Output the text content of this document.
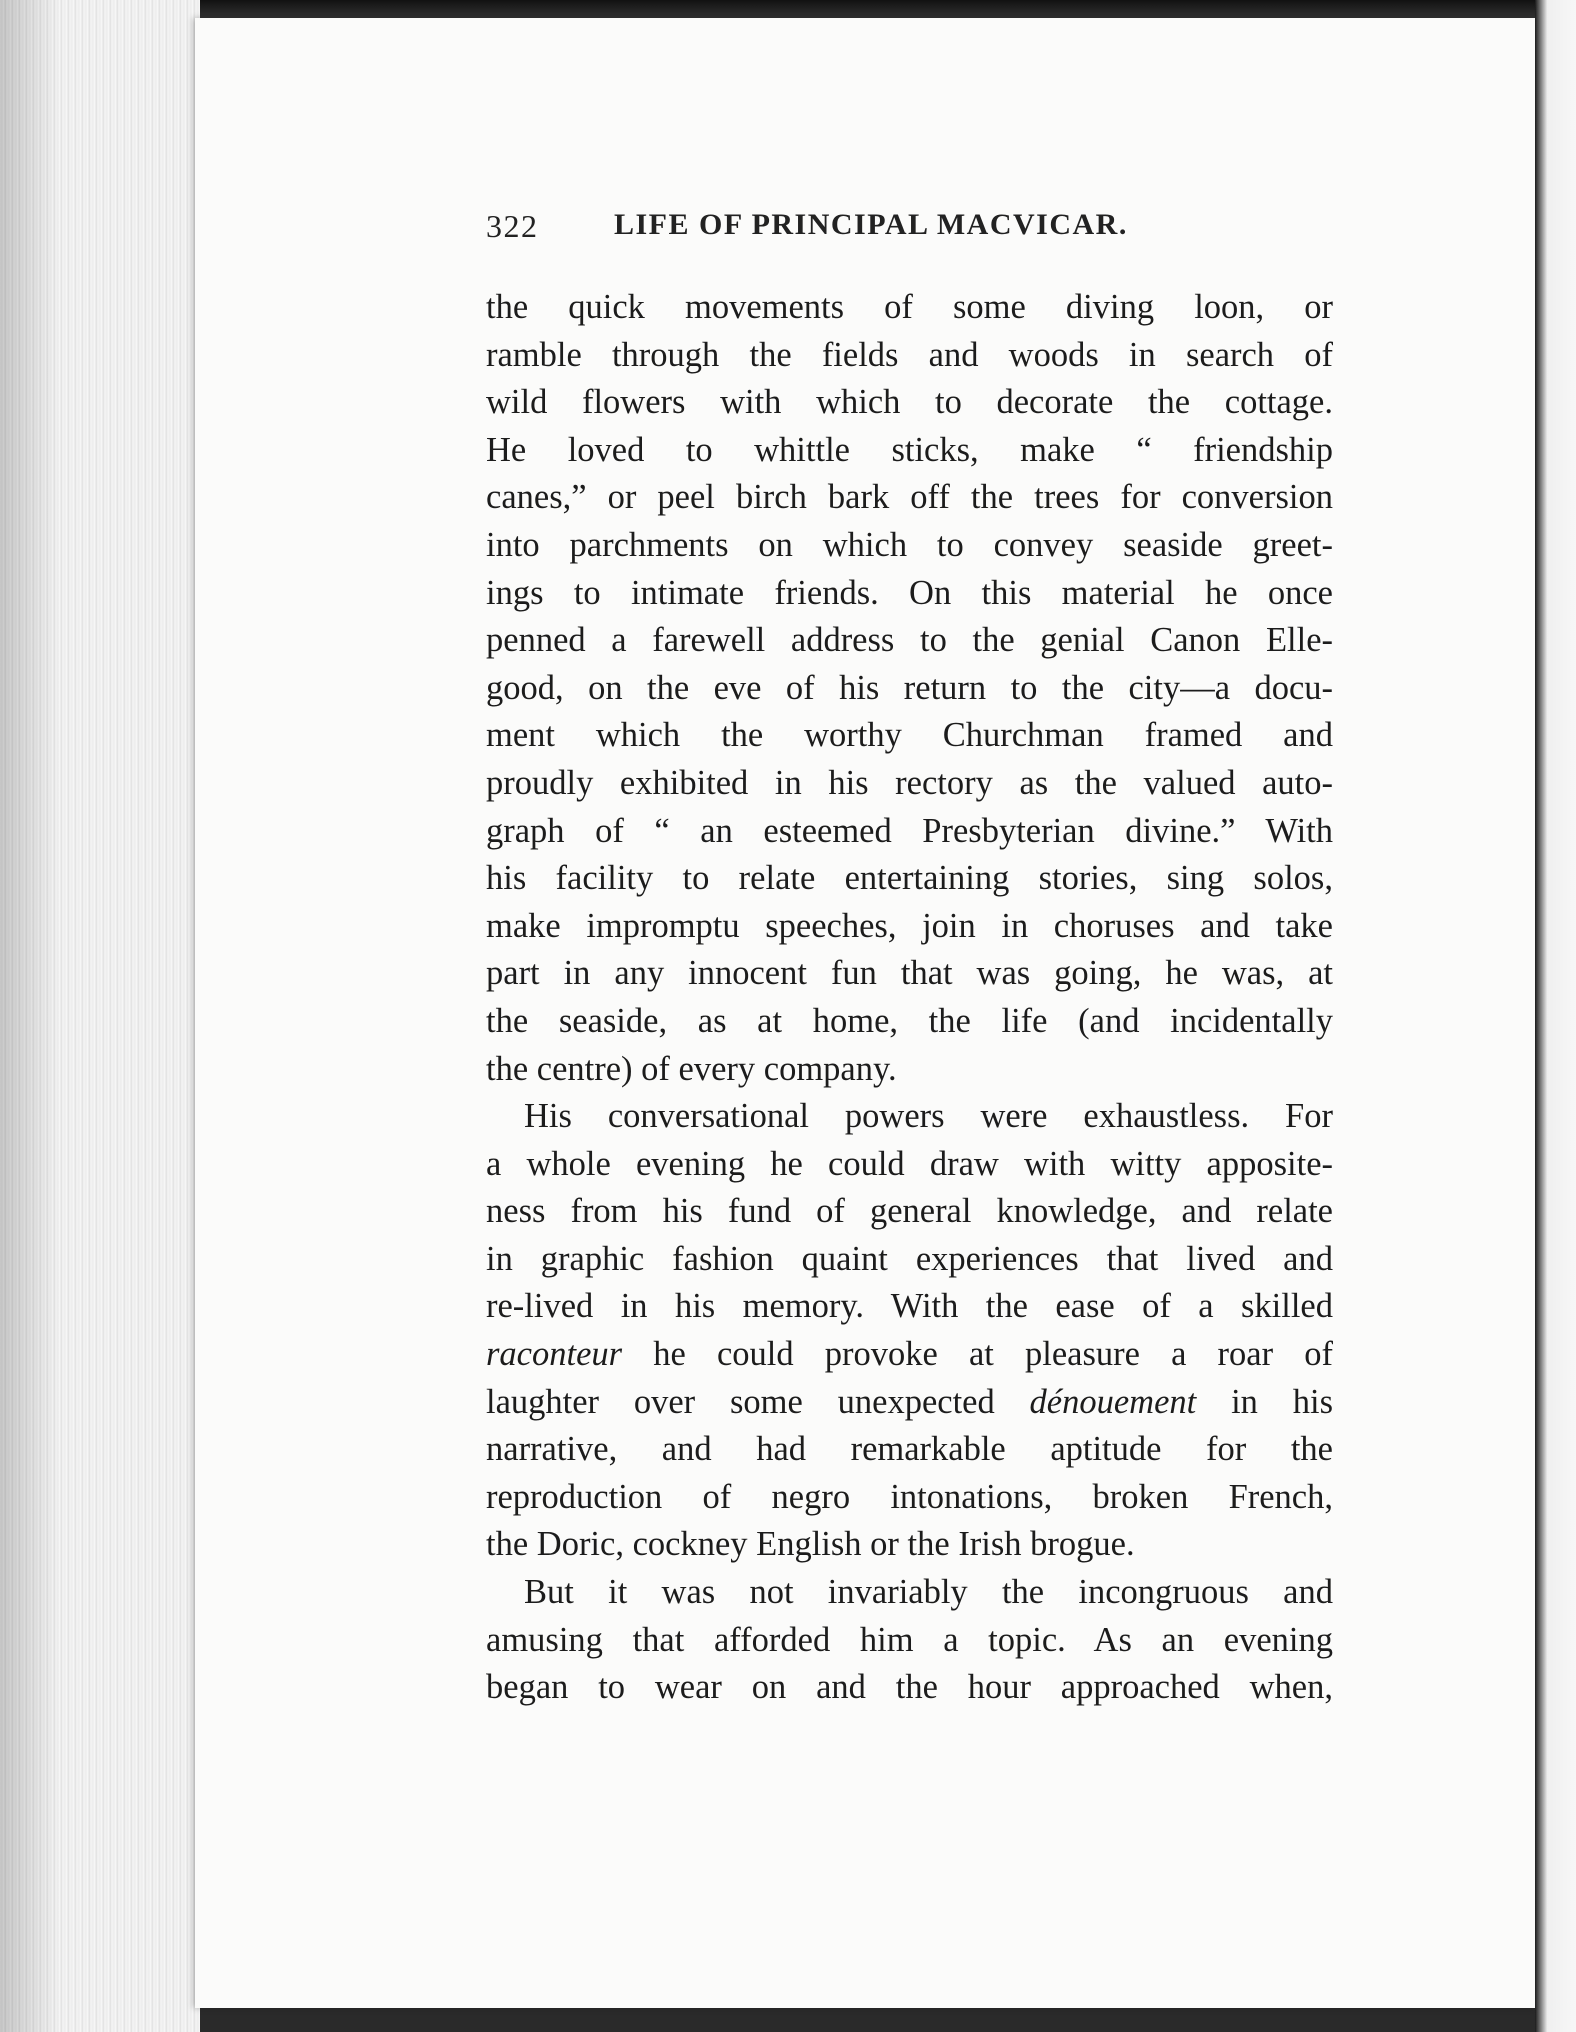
322	LIFE OF PRINCIPAL MACVICAR.
the quick movements of some diving loon, or
ramble through the fields and woods in search of
wild flowers with which to decorate the cottage.
He loved to whittle sticks, make “ friendship
canes,” or peel birch bark off the trees for conversion
into parchments on which to convey seaside greet-
ings to intimate friends. On this material he once
penned a farewell address to the genial Canon Elle-
good, on the eve of his return to the city—a docu-
ment which the worthy Churchman framed and
proudly exhibited in his rectory as the valued auto-
graph of “ an esteemed Presbyterian divine.” With
his facility to relate entertaining stories, sing solos,
make impromptu speeches, join in choruses and take
part in any innocent fun that was going, he was, at
the seaside, as at home, the life (and incidentally
the centre) of every company.
His conversational powers were exhaustless. For
a whole evening he could draw with witty apposite-
ness from his fund of general knowledge, and relate
in graphic fashion quaint experiences that lived and
re-lived in his memory. With the ease of a skilled
raconteur he could provoke at pleasure a roar of
laughter over some unexpected dénouement in his
narrative, and had remarkable aptitude for the
reproduction of negro intonations, broken French,
the Doric, cockney English or the Irish brogue.
But it was not invariably the incongruous and
amusing that afforded him a topic. As an evening
began to wear on and the hour approached when,
